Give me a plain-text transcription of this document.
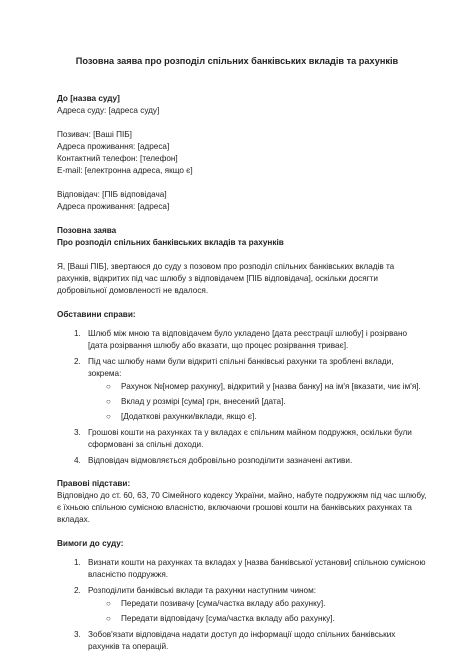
Позовна заява про розподіл спільних банківських вкладів та рахунків

До [назва суду]

Адреса суду: [адреса суду]

Позивач: [Ваші ПІБ]

Адреса проживання: [адреса]

Контактний телефон: [телефон]

E-mail: [електронна адреса, якщо є]

Відповідач: [ПІБ відповідача]

Адреса проживання: [адреса]

Позовна заява

Про розподіл спільних банківських вкладів та рахунків

Я, [Ваші ПІБ], звертаюся до суду з позовом про розподіл спільних банківських вкладів та рахунків, відкритих під час шлюбу з відповідачем [ПІБ відповідача], оскільки досягти добровільної домовленості не вдалося.

Обставини справи:

1. Шлюб між мною та відповідачем було укладено [дата реєстрації шлюбу] і розірвано [дата розірвання шлюбу або вказати, що процес розірвання триває].
2. Під час шлюбу нами були відкриті спільні банківські рахунки та зроблені вклади, зокрема:
○ Рахунок №[номер рахунку], відкритий у [назва банку] на ім'я [вказати, чиє ім'я].
○ Вклад у розмірі [сума] грн, внесений [дата].
○ [Додаткові рахунки/вклади, якщо є].
3. Грошові кошти на рахунках та у вкладах є спільним майном подружжя, оскільки були сформовані за спільні доходи.
4. Відповідач відмовляється добровільно розподілити зазначені активи.

Правові підстави:

Відповідно до ст. 60, 63, 70 Сімейного кодексу України, майно, набуте подружжям під час шлюбу, є їхньою спільною сумісною власністю, включаючи грошові кошти на банківських рахунках та вкладах.

Вимоги до суду:

1. Визнати кошти на рахунках та вкладах у [назва банківської установи] спільною сумісною власністю подружжя.
2. Розподілити банківські вклади та рахунки наступним чином:
○ Передати позивачу [сума/частка вкладу або рахунку].
○ Передати відповідачу [сума/частка вкладу або рахунку].
3. Зобов'язати відповідача надати доступ до інформації щодо спільних банківських рахунків та операцій.
